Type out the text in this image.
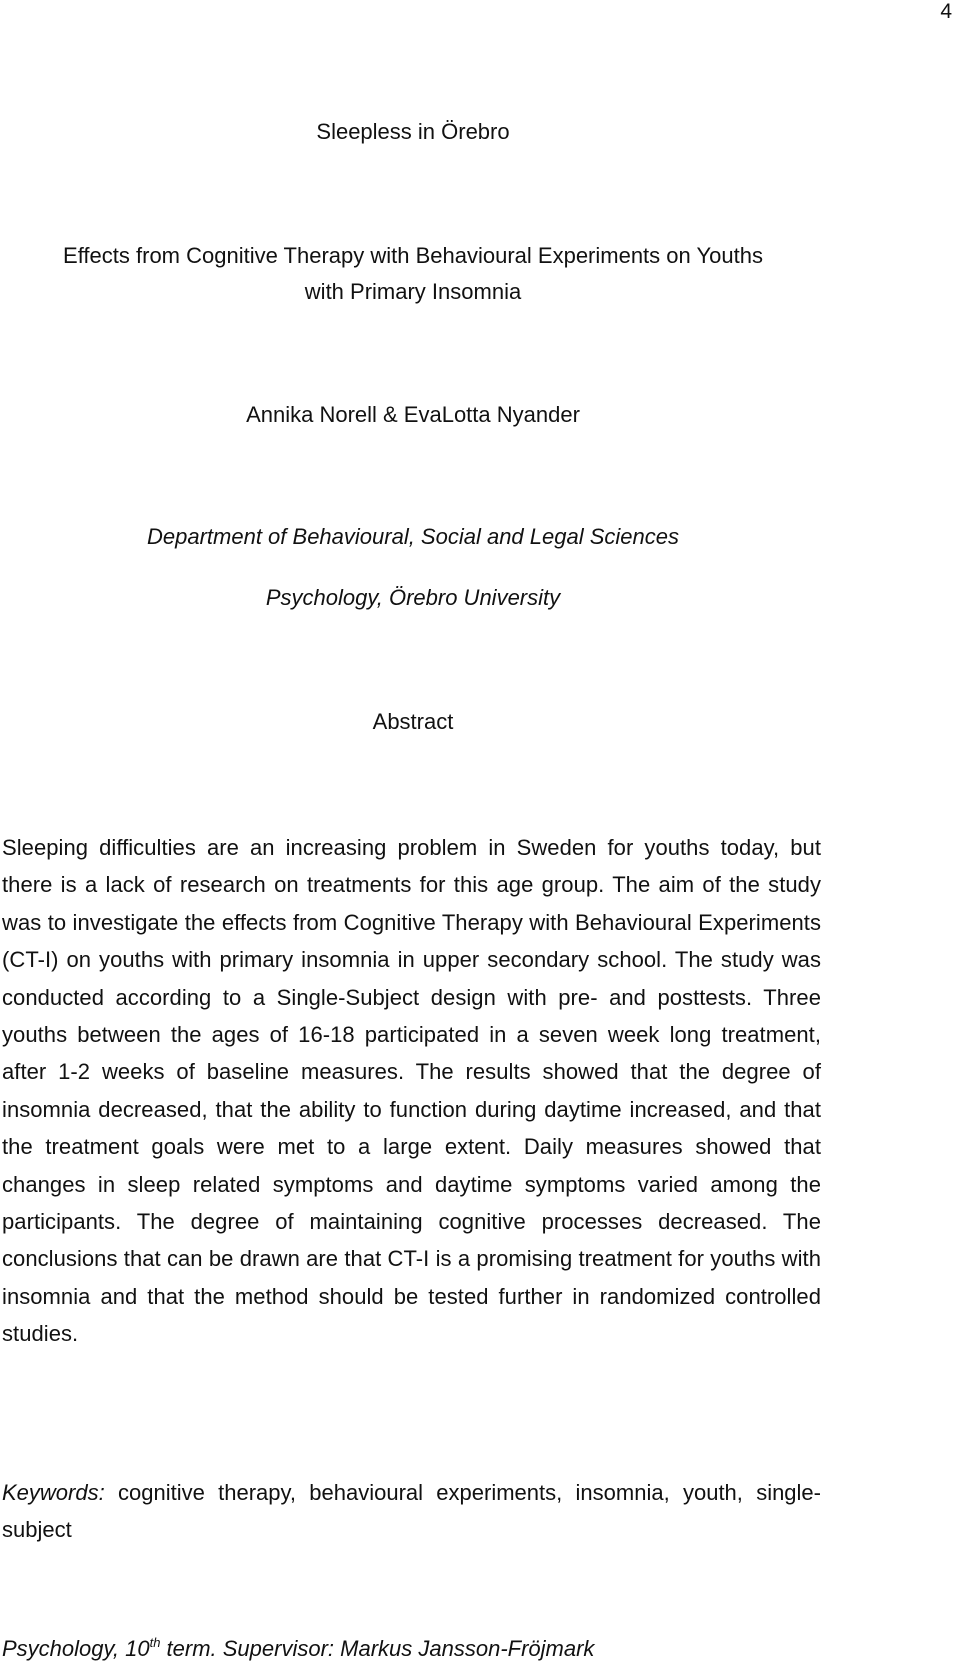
4
Sleepless in Örebro
Effects from Cognitive Therapy with Behavioural Experiments on Youths
with Primary Insomnia
Annika Norell & EvaLotta Nyander
Department of Behavioural, Social and Legal Sciences
Psychology, Örebro University
Abstract

Sleeping difficulties are an increasing problem in Sweden for youths today, but there is a lack of research on treatments for this age group. The aim of the study was to investigate the effects from Cognitive Therapy with Behavioural Experiments (CT-I) on youths with primary insomnia in upper secondary school. The study was conducted according to a Single-Subject design with pre- and posttests. Three youths between the ages of 16-18 participated in a seven week long treatment, after 1-2 weeks of baseline measures. The results showed that the degree of insomnia decreased, that the ability to function during daytime increased, and that the treatment goals were met to a large extent. Daily measures showed that changes in sleep related symptoms and daytime symptoms varied among the participants. The degree of maintaining cognitive processes decreased. The conclusions that can be drawn are that CT-I is a promising treatment for youths with insomnia and that the method should be tested further in randomized controlled studies.

Keywords: cognitive therapy, behavioural experiments, insomnia, youth, single-subject

Psychology, 10th term. Supervisor: Markus Jansson-Fröjmark
